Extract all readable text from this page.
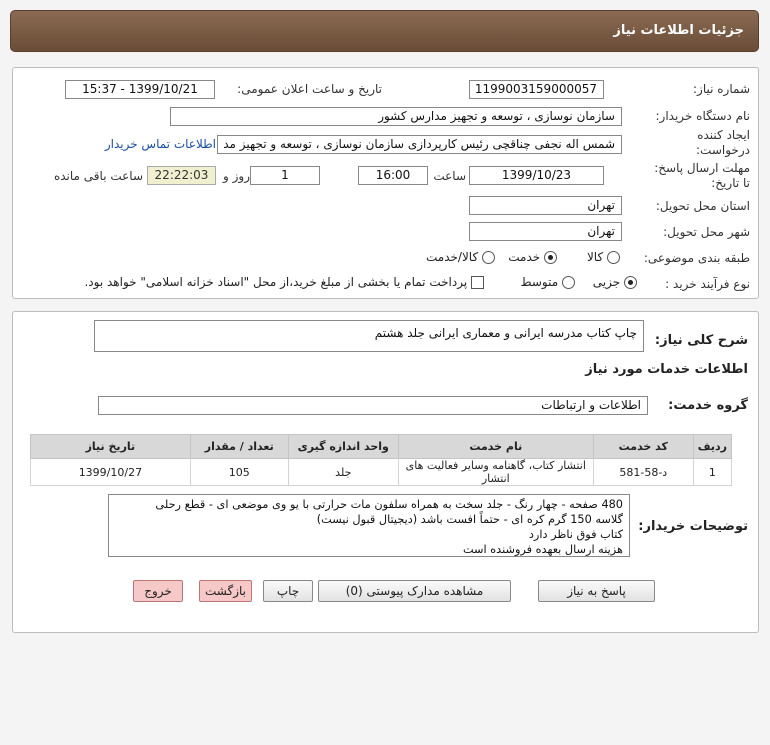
جزئیات اطلاعات نیاز
شماره نیاز:
1199003159000057
تاریخ و ساعت اعلان عمومی:
1399/10/21 - 15:37
نام دستگاه خریدار:
سازمان نوسازی ، توسعه و تجهیز مدارس کشور
ایجاد کننده
درخواست:
شمس اله نجفی چناقچی رئیس کارپردازی سازمان نوسازی ، توسعه و تجهیز مد
اطلاعات تماس خریدار
مهلت ارسال پاسخ:
تا تاریخ:
1399/10/23
ساعت
16:00
1
روز و
22:22:03
ساعت باقی مانده
استان محل تحویل:
تهران
شهر محل تحویل:
تهران
طبقه بندی موضوعی:
کالا
خدمت
کالا/خدمت
نوع فرآیند خرید :
جزیی
متوسط
پرداخت تمام یا بخشی از مبلغ خرید،از محل "اسناد خزانه اسلامی" خواهد بود.
شرح کلی نیاز:
چاپ کتاب مدرسه ایرانی و معماری ایرانی جلد هشتم
اطلاعات خدمات مورد نیاز
گروه خدمت:
اطلاعات و ارتباطات
ردیف	کد خدمت	نام خدمت	واحد اندازه گیری	تعداد / مقدار	تاریخ نیاز
1	د-58-581	انتشار کتاب، گاهنامه وسایر فعالیت های انتشار	جلد	105	1399/10/27
توضیحات خریدار:
480 صفحه - چهار رنگ - جلد سخت به همراه سلفون مات حرارتی با یو وی موضعی ای - قطع رحلی
گلاسه 150 گرم کره ای - حتماً افست باشد (دیجیتال قبول نیست)
کتاب فوق ناظر دارد
هزینه ارسال بعهده فروشنده است
پاسخ به نیاز
مشاهده مدارک پیوستی (0)
چاپ
بازگشت
خروج
